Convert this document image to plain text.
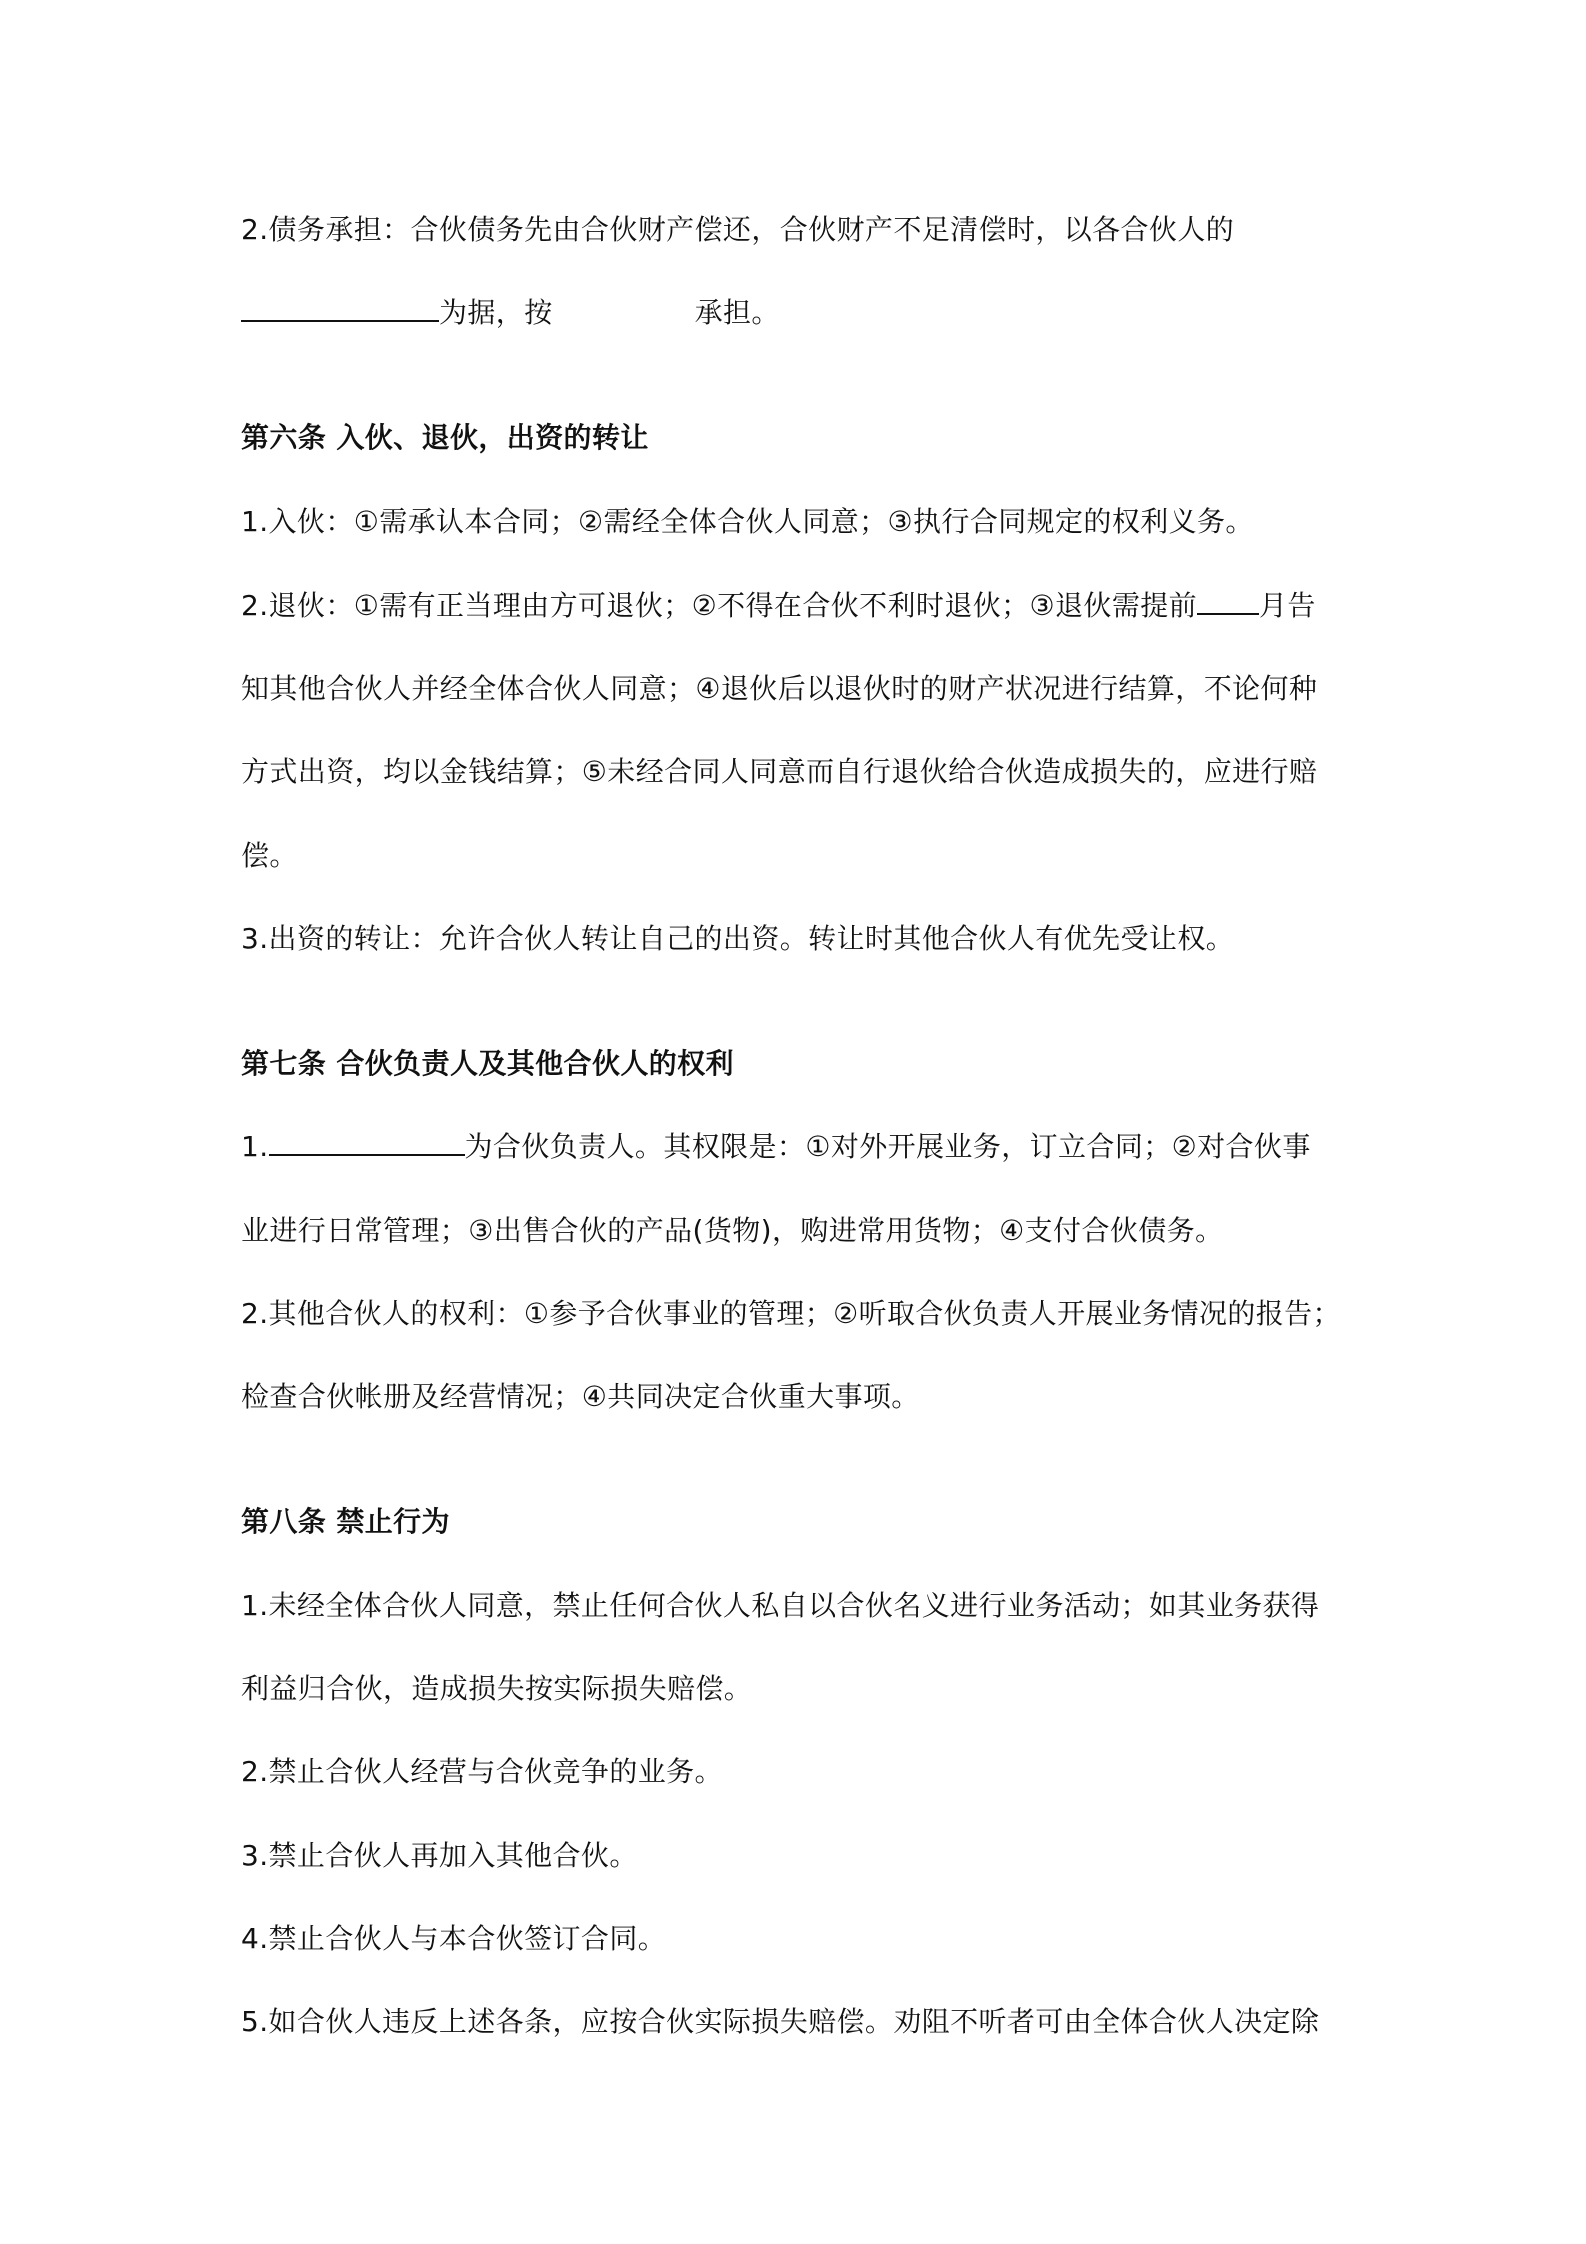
2.债务承担：合伙债务先由合伙财产偿还，合伙财产不足清偿时，以各合伙人的
为据，按	承担。
第六条 入伙、退伙，出资的转让
1.入伙：①需承认本合同；②需经全体合伙人同意；③执行合同规定的权利义务。
2.退伙：①需有正当理由方可退伙；②不得在合伙不利时退伙；③退伙需提前 月告
知其他合伙人并经全体合伙人同意；④退伙后以退伙时的财产状况进行结算，不论何种
方式出资，均以金钱结算；⑤未经合同人同意而自行退伙给合伙造成损失的，应进行赔
偿。
3.出资的转让：允许合伙人转让自己的出资。转让时其他合伙人有优先受让权。
第七条 合伙负责人及其他合伙人的权利
1.	为合伙负责人。其权限是：①对外开展业务，订立合同；②对合伙事
业进行日常管理；③出售合伙的产品(货物)，购进常用货物；④支付合伙债务。
2.其他合伙人的权利：①参予合伙事业的管理；②听取合伙负责人开展业务情况的报告；
检查合伙帐册及经营情况；④共同决定合伙重大事项。
第八条 禁止行为
1.未经全体合伙人同意，禁止任何合伙人私自以合伙名义进行业务活动；如其业务获得
利益归合伙，造成损失按实际损失赔偿。
2.禁止合伙人经营与合伙竞争的业务。
3.禁止合伙人再加入其他合伙。
4.禁止合伙人与本合伙签订合同。
5.如合伙人违反上述各条，应按合伙实际损失赔偿。劝阻不听者可由全体合伙人决定除
